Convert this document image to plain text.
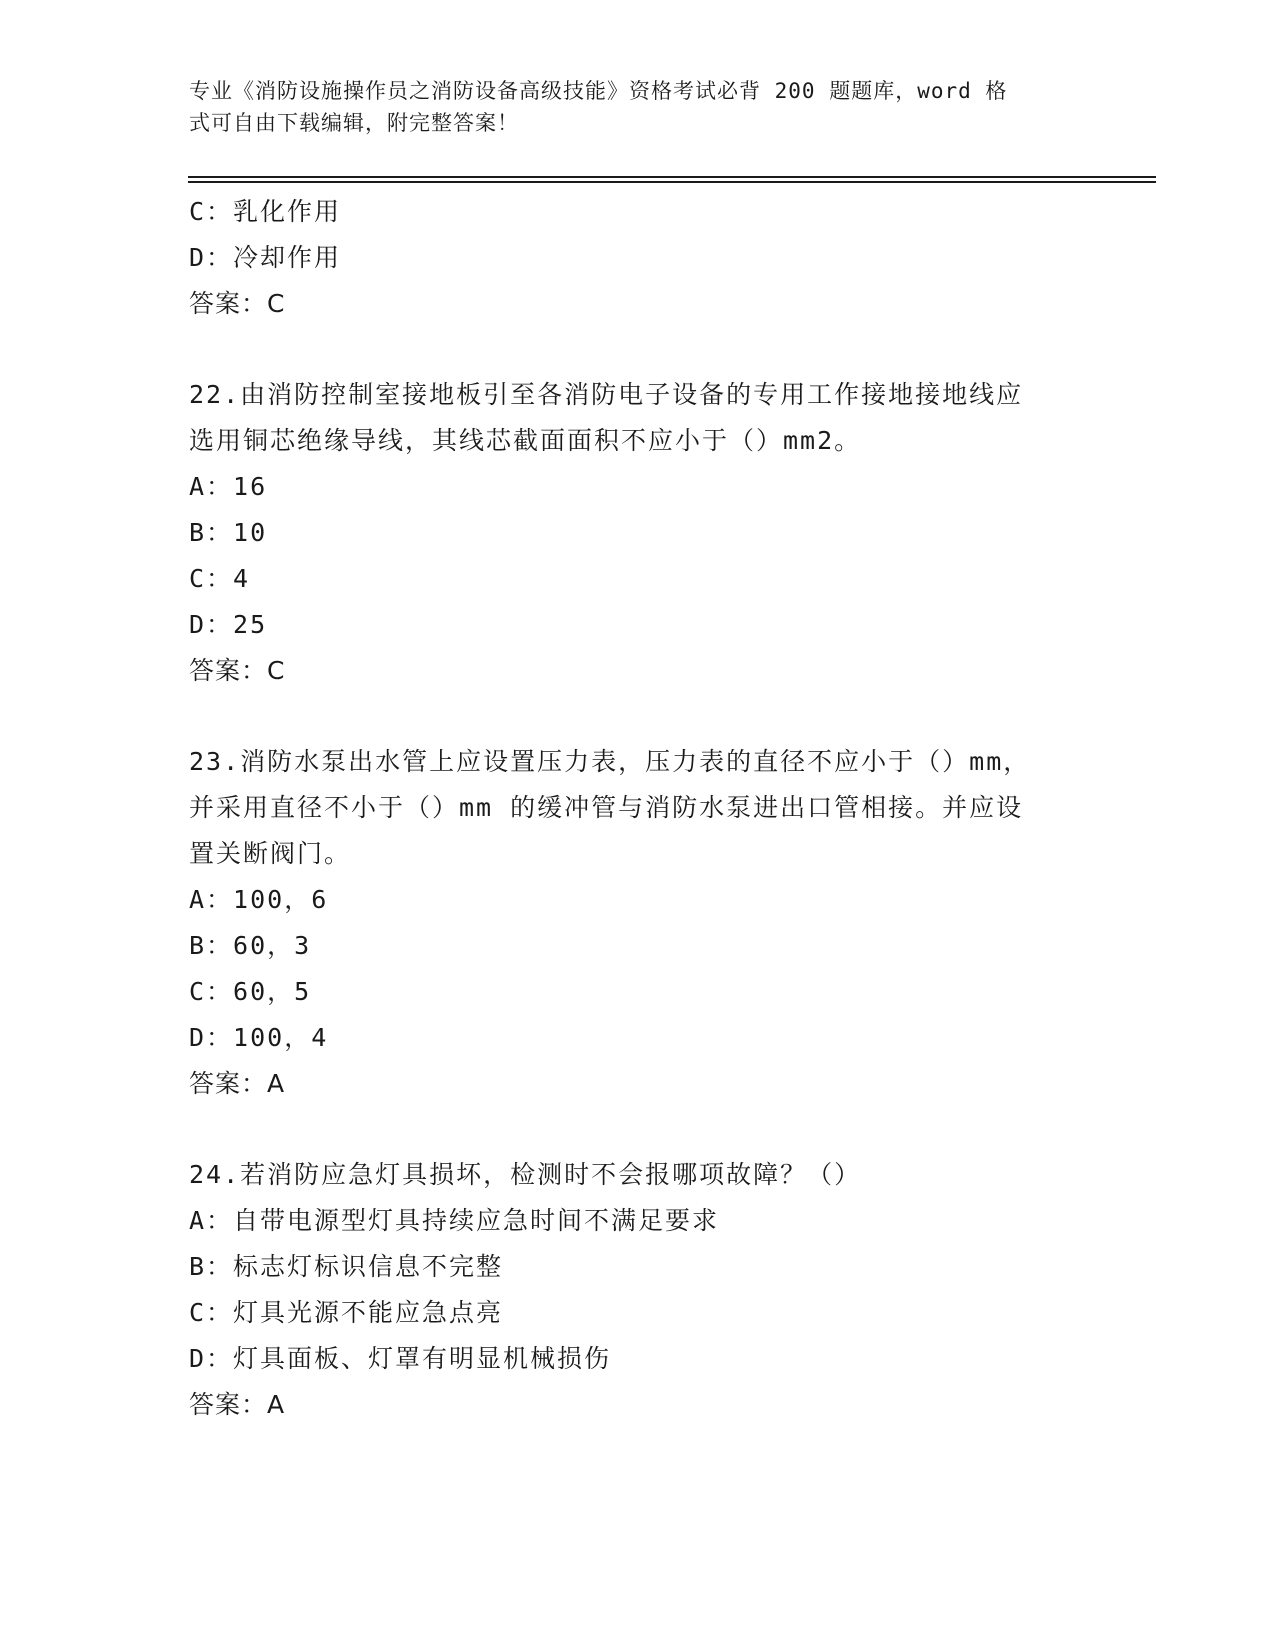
专业《消防设施操作员之消防设备高级技能》资格考试必背 200 题题库，word 格
式可自由下载编辑，附完整答案！
C：乳化作用
D：冷却作用
答案：C
22.由消防控制室接地板引至各消防电子设备的专用工作接地接地线应
选用铜芯绝缘导线，其线芯截面面积不应小于（）mm2。
A：16
B：10
C：4
D：25
答案：C
23.消防水泵出水管上应设置压力表，压力表的直径不应小于（）mm，
并采用直径不小于（）mm 的缓冲管与消防水泵进出口管相接。并应设
置关断阀门。
A：100，6
B：60，3
C：60，5
D：100，4
答案：A
24.若消防应急灯具损坏，检测时不会报哪项故障？（）
A：自带电源型灯具持续应急时间不满足要求
B：标志灯标识信息不完整
C：灯具光源不能应急点亮
D：灯具面板、灯罩有明显机械损伤
答案：A
